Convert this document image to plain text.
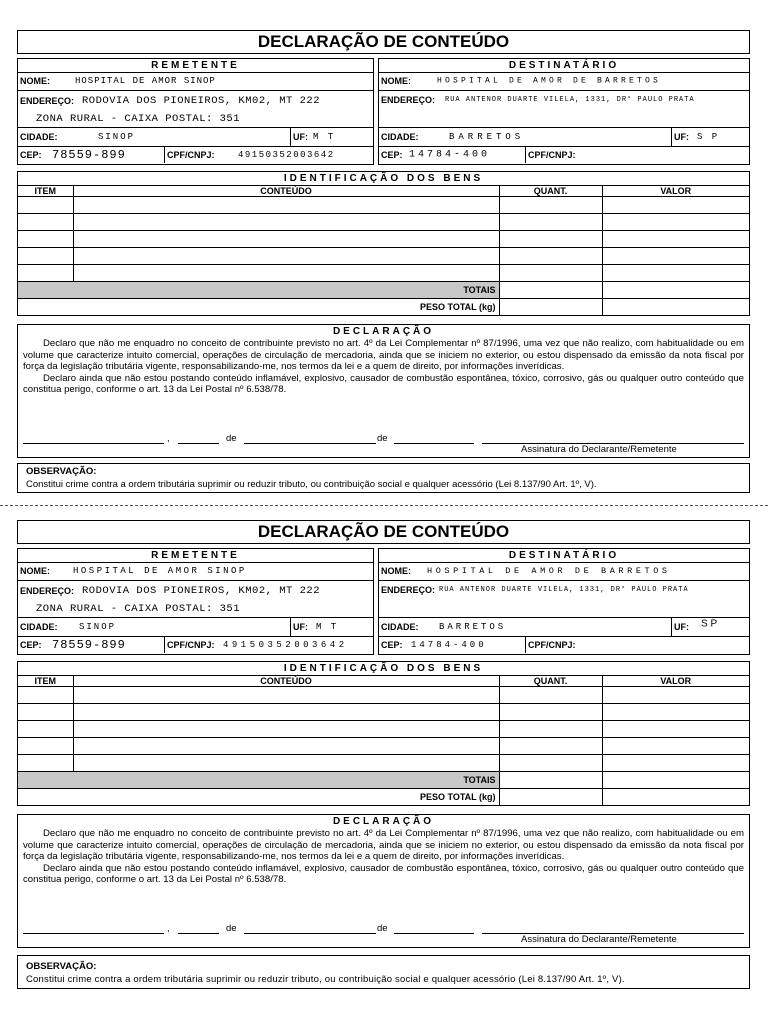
DECLARAÇÃO DE CONTEÚDO
REMETENTE
NOME:	HOSPITAL DE AMOR SINOP
ENDEREÇO: RODOVIA DOS PIONEIROS, KM02, MT 222
ZONA RURAL - CAIXA POSTAL: 351
CIDADE:	SINOP	UF: M T
CEP: 78559-899	CPF/CNPJ:	49150352003642
DESTINATÁRIO
NOME:	HOSPITAL DE AMOR DE BARRETOS
ENDEREÇO: RUA ANTENOR DUARTE VILELA, 1331, DR° PAULO PRATA
CIDADE:	BARRETOS	UF: S P
CEP: 14784-400	CPF/CNPJ:
IDENTIFICAÇÃO DOS BENS
ITEM	CONTEÚDO	QUANT.	VALOR

TOTAIS			
PESO TOTAL (kg)			
DECLARAÇÃO

Declaro que não me enquadro no conceito de contribuinte previsto no art. 4º da Lei Complementar nº 87/1996, uma vez que não realizo, com habitualidade ou em volume que caracterize intuito comercial, operações de circulação de mercadoria, ainda que se iniciem no exterior, ou estou dispensado da emissão da nota fiscal por força da legislação tributária vigente, responsabilizando-me, nos termos da lei e a quem de direito, por informações inverídicas.

Declaro ainda que não estou postando conteúdo inflamável, explosivo, causador de combustão espontânea, tóxico, corrosivo, gás ou qualquer outro conteúdo que constitua perigo, conforme o art. 13 da Lei Postal nº 6.538/78.

,	de	de
Assinatura do Declarante/Remetente
OBSERVAÇÃO:
Constitui crime contra a ordem tributária suprimir ou reduzir tributo, ou contribuição social e qualquer acessório (Lei 8.137/90 Art. 1º, V).
DECLARAÇÃO DE CONTEÚDO
REMETENTE
NOME:	HOSPITAL DE AMOR SINOP
ENDEREÇO: RODOVIA DOS PIONEIROS, KM02, MT 222
ZONA RURAL - CAIXA POSTAL: 351
CIDADE: SINOP	UF: M T
CEP: 78559-899	CPF/CNPJ: 49150352003642
DESTINATÁRIO
NOME: HOSPITAL DE AMOR DE BARRETOS
ENDEREÇO: RUA ANTENOR DUARTE VILELA, 1331, DR° PAULO PRATA
CIDADE: BARRETOS	UF: S P
CEP: 14784-400	CPF/CNPJ:
IDENTIFICAÇÃO DOS BENS
ITEM	CONTEÚDO	QUANT.	VALOR

TOTAIS			
PESO TOTAL (kg)			
DECLARAÇÃO

Declaro que não me enquadro no conceito de contribuinte previsto no art. 4º da Lei Complementar nº 87/1996, uma vez que não realizo, com habitualidade ou em volume que caracterize intuito comercial, operações de circulação de mercadoria, ainda que se iniciem no exterior, ou estou dispensado da emissão da nota fiscal por força da legislação tributária vigente, responsabilizando-me, nos termos da lei e a quem de direito, por informações inverídicas.

Declaro ainda que não estou postando conteúdo inflamável, explosivo, causador de combustão espontânea, tóxico, corrosivo, gás ou qualquer outro conteúdo que constitua perigo, conforme o art. 13 da Lei Postal nº 6.538/78.

,	de	de
Assinatura do Declarante/Remetente
OBSERVAÇÃO:
Constitui crime contra a ordem tributária suprimir ou reduzir tributo, ou contribuição social e qualquer acessório (Lei 8.137/90 Art. 1º, V).
